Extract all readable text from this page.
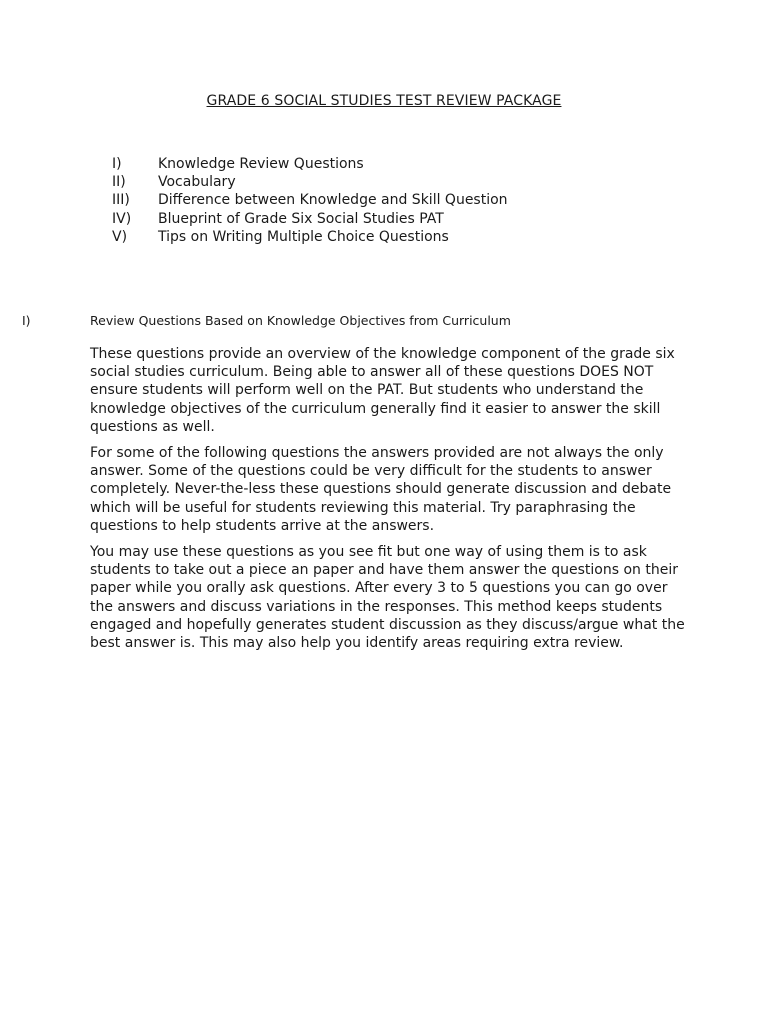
GRADE 6 SOCIAL STUDIES TEST REVIEW PACKAGE
I)	Knowledge Review Questions
II)	Vocabulary
III)	Difference between Knowledge and Skill Question
IV)	Blueprint of Grade Six Social Studies PAT
V)	Tips on Writing Multiple Choice Questions
I)	Review Questions Based on Knowledge Objectives from Curriculum

These questions provide an overview of the knowledge component of the grade six social studies curriculum. Being able to answer all of these questions DOES NOT ensure students will perform well on the PAT. But students who understand the knowledge objectives of the curriculum generally find it easier to answer the skill questions as well.

For some of the following questions the answers provided are not always the only answer. Some of the questions could be very difficult for the students to answer completely. Never-the-less these questions should generate discussion and debate which will be useful for students reviewing this material. Try paraphrasing the questions to help students arrive at the answers.

You may use these questions as you see fit but one way of using them is to ask students to take out a piece an paper and have them answer the questions on their paper while you orally ask questions. After every 3 to 5 questions you can go over the answers and discuss variations in the responses. This method keeps students engaged and hopefully generates student discussion as they discuss/argue what the best answer is. This may also help you identify areas requiring extra review.
